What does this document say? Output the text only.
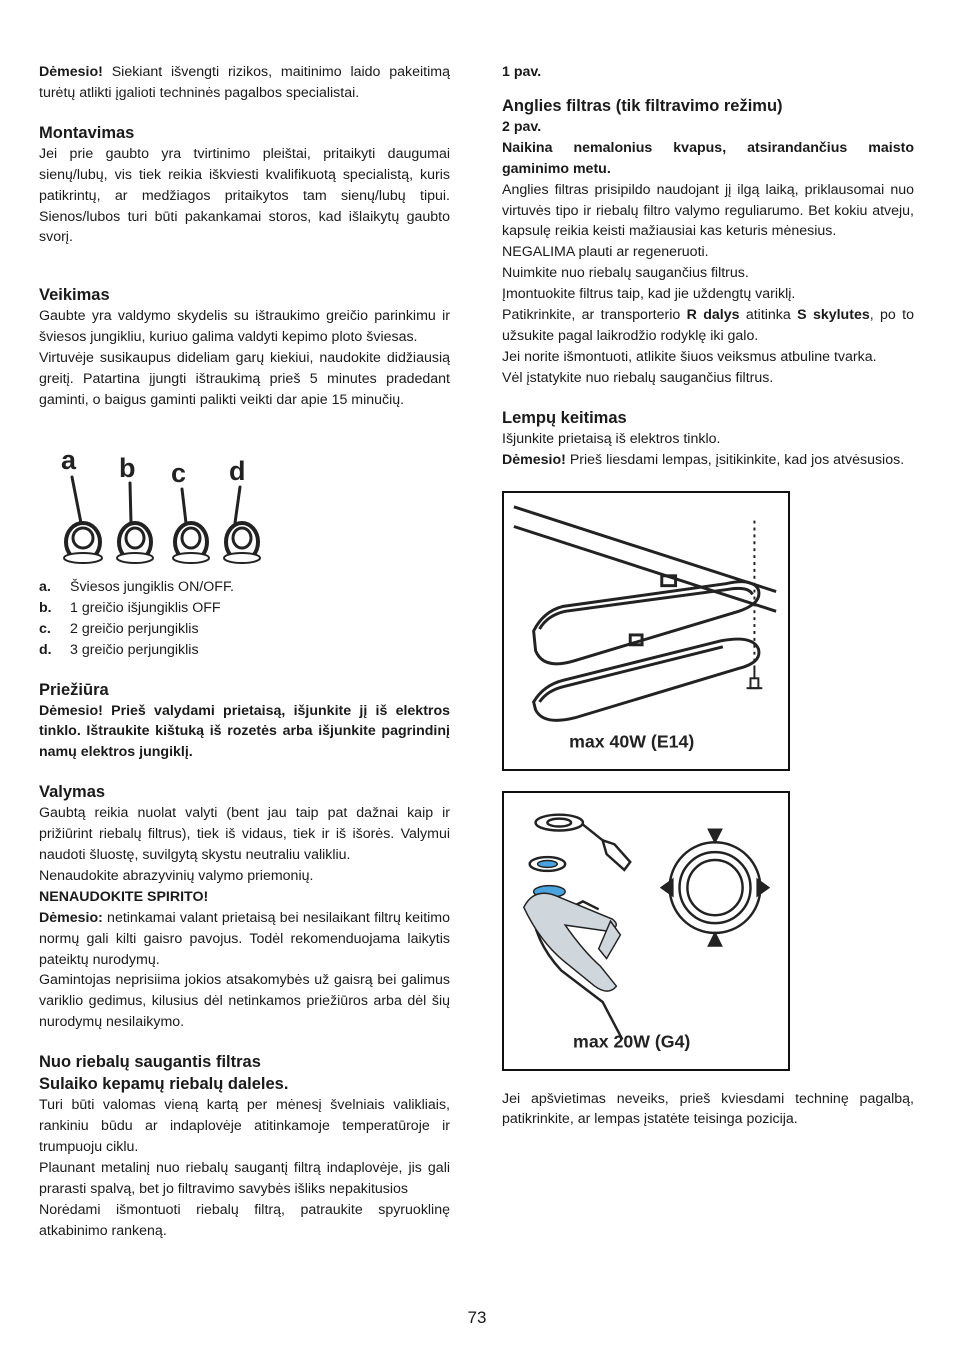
Dėmesio! Siekiant išvengti rizikos, maitinimo laido pakeitimą turėtų atlikti įgalioti techninės pagalbos specialistai.

Montavimas

Jei prie gaubto yra tvirtinimo pleištai, pritaikyti daugumai sienų/lubų, vis tiek reikia iškviesti kvalifikuotą specialistą, kuris patikrintų, ar medžiagos pritaikytos tam sienų/lubų tipui. Sienos/lubos turi būti pakankamai storos, kad išlaikytų gaubto svorį.

Veikimas

Gaubte yra valdymo skydelis su ištraukimo greičio parinkimu ir šviesos jungikliu, kuriuo galima valdyti kepimo ploto šviesas.

Virtuvėje susikaupus dideliam garų kiekiui, naudokite didžiausią greitį. Patartina įjungti ištraukimą prieš 5 minutes pradedant gaminti, o baigus gaminti palikti veikti dar apie 15 minučių.

a b c d
a.	Šviesos jungiklis ON/OFF.
b.	1 greičio išjungiklis OFF
c.	2 greičio perjungiklis
d.	3 greičio perjungiklis
Priežiūra

Dėmesio! Prieš valydami prietaisą, išjunkite jį iš elektros tinklo. Ištraukite kištuką iš rozetės arba išjunkite pagrindinį namų elektros jungiklį.

Valymas

Gaubtą reikia nuolat valyti (bent jau taip pat dažnai kaip ir prižiūrint riebalų filtrus), tiek iš vidaus, tiek ir iš išorės. Valymui naudoti šluostę, suvilgytą skystu neutraliu valikliu.

Nenaudokite abrazyvinių valymo priemonių.

NENAUDOKITE SPIRITO!

Dėmesio: netinkamai valant prietaisą bei nesilaikant filtrų keitimo normų gali kilti gaisro pavojus. Todėl rekomenduojama laikytis pateiktų nurodymų.

Gamintojas neprisiima jokios atsakomybės už gaisrą bei galimus variklio gedimus, kilusius dėl netinkamos priežiūros arba dėl šių nurodymų nesilaikymo.

Nuo riebalų saugantis filtras
Sulaiko kepamų riebalų daleles.

Turi būti valomas vieną kartą per mėnesį švelniais valikliais, rankiniu būdu ar indaplovėje atitinkamoje temperatūroje ir trumpuoju ciklu.

Plaunant metalinį nuo riebalų saugantį filtrą indaplovėje, jis gali prarasti spalvą, bet jo filtravimo savybės išliks nepakitusios

Norėdami išmontuoti riebalų filtrą, patraukite spyruoklinę atkabinimo rankeną.

1 pav.

Anglies filtras (tik filtravimo režimu)

2 pav.

Naikina nemalonius kvapus, atsirandančius maisto gaminimo metu.

Anglies filtras prisipildo naudojant jį ilgą laiką, priklausomai nuo virtuvės tipo ir riebalų filtro valymo reguliarumo. Bet kokiu atveju, kapsulę reikia keisti mažiausiai kas keturis mėnesius.

NEGALIMA plauti ar regeneruoti.

Nuimkite nuo riebalų saugančius filtrus.

Įmontuokite filtrus taip, kad jie uždengtų variklį.

Patikrinkite, ar transporterio R dalys atitinka S skylutes, po to užsukite pagal laikrodžio rodyklę iki galo.

Jei norite išmontuoti, atlikite šiuos veiksmus atbuline tvarka.

Vėl įstatykite nuo riebalų saugančius filtrus.

Lempų keitimas

Išjunkite prietaisą iš elektros tinklo.

Dėmesio! Prieš liesdami lempas, įsitikinkite, kad jos atvėsusios.

max 40W (E14)
max 20W (G4)

Jei apšvietimas neveiks, prieš kviesdami techninę pagalbą, patikrinkite, ar lempas įstatėte teisinga pozicija.

73
